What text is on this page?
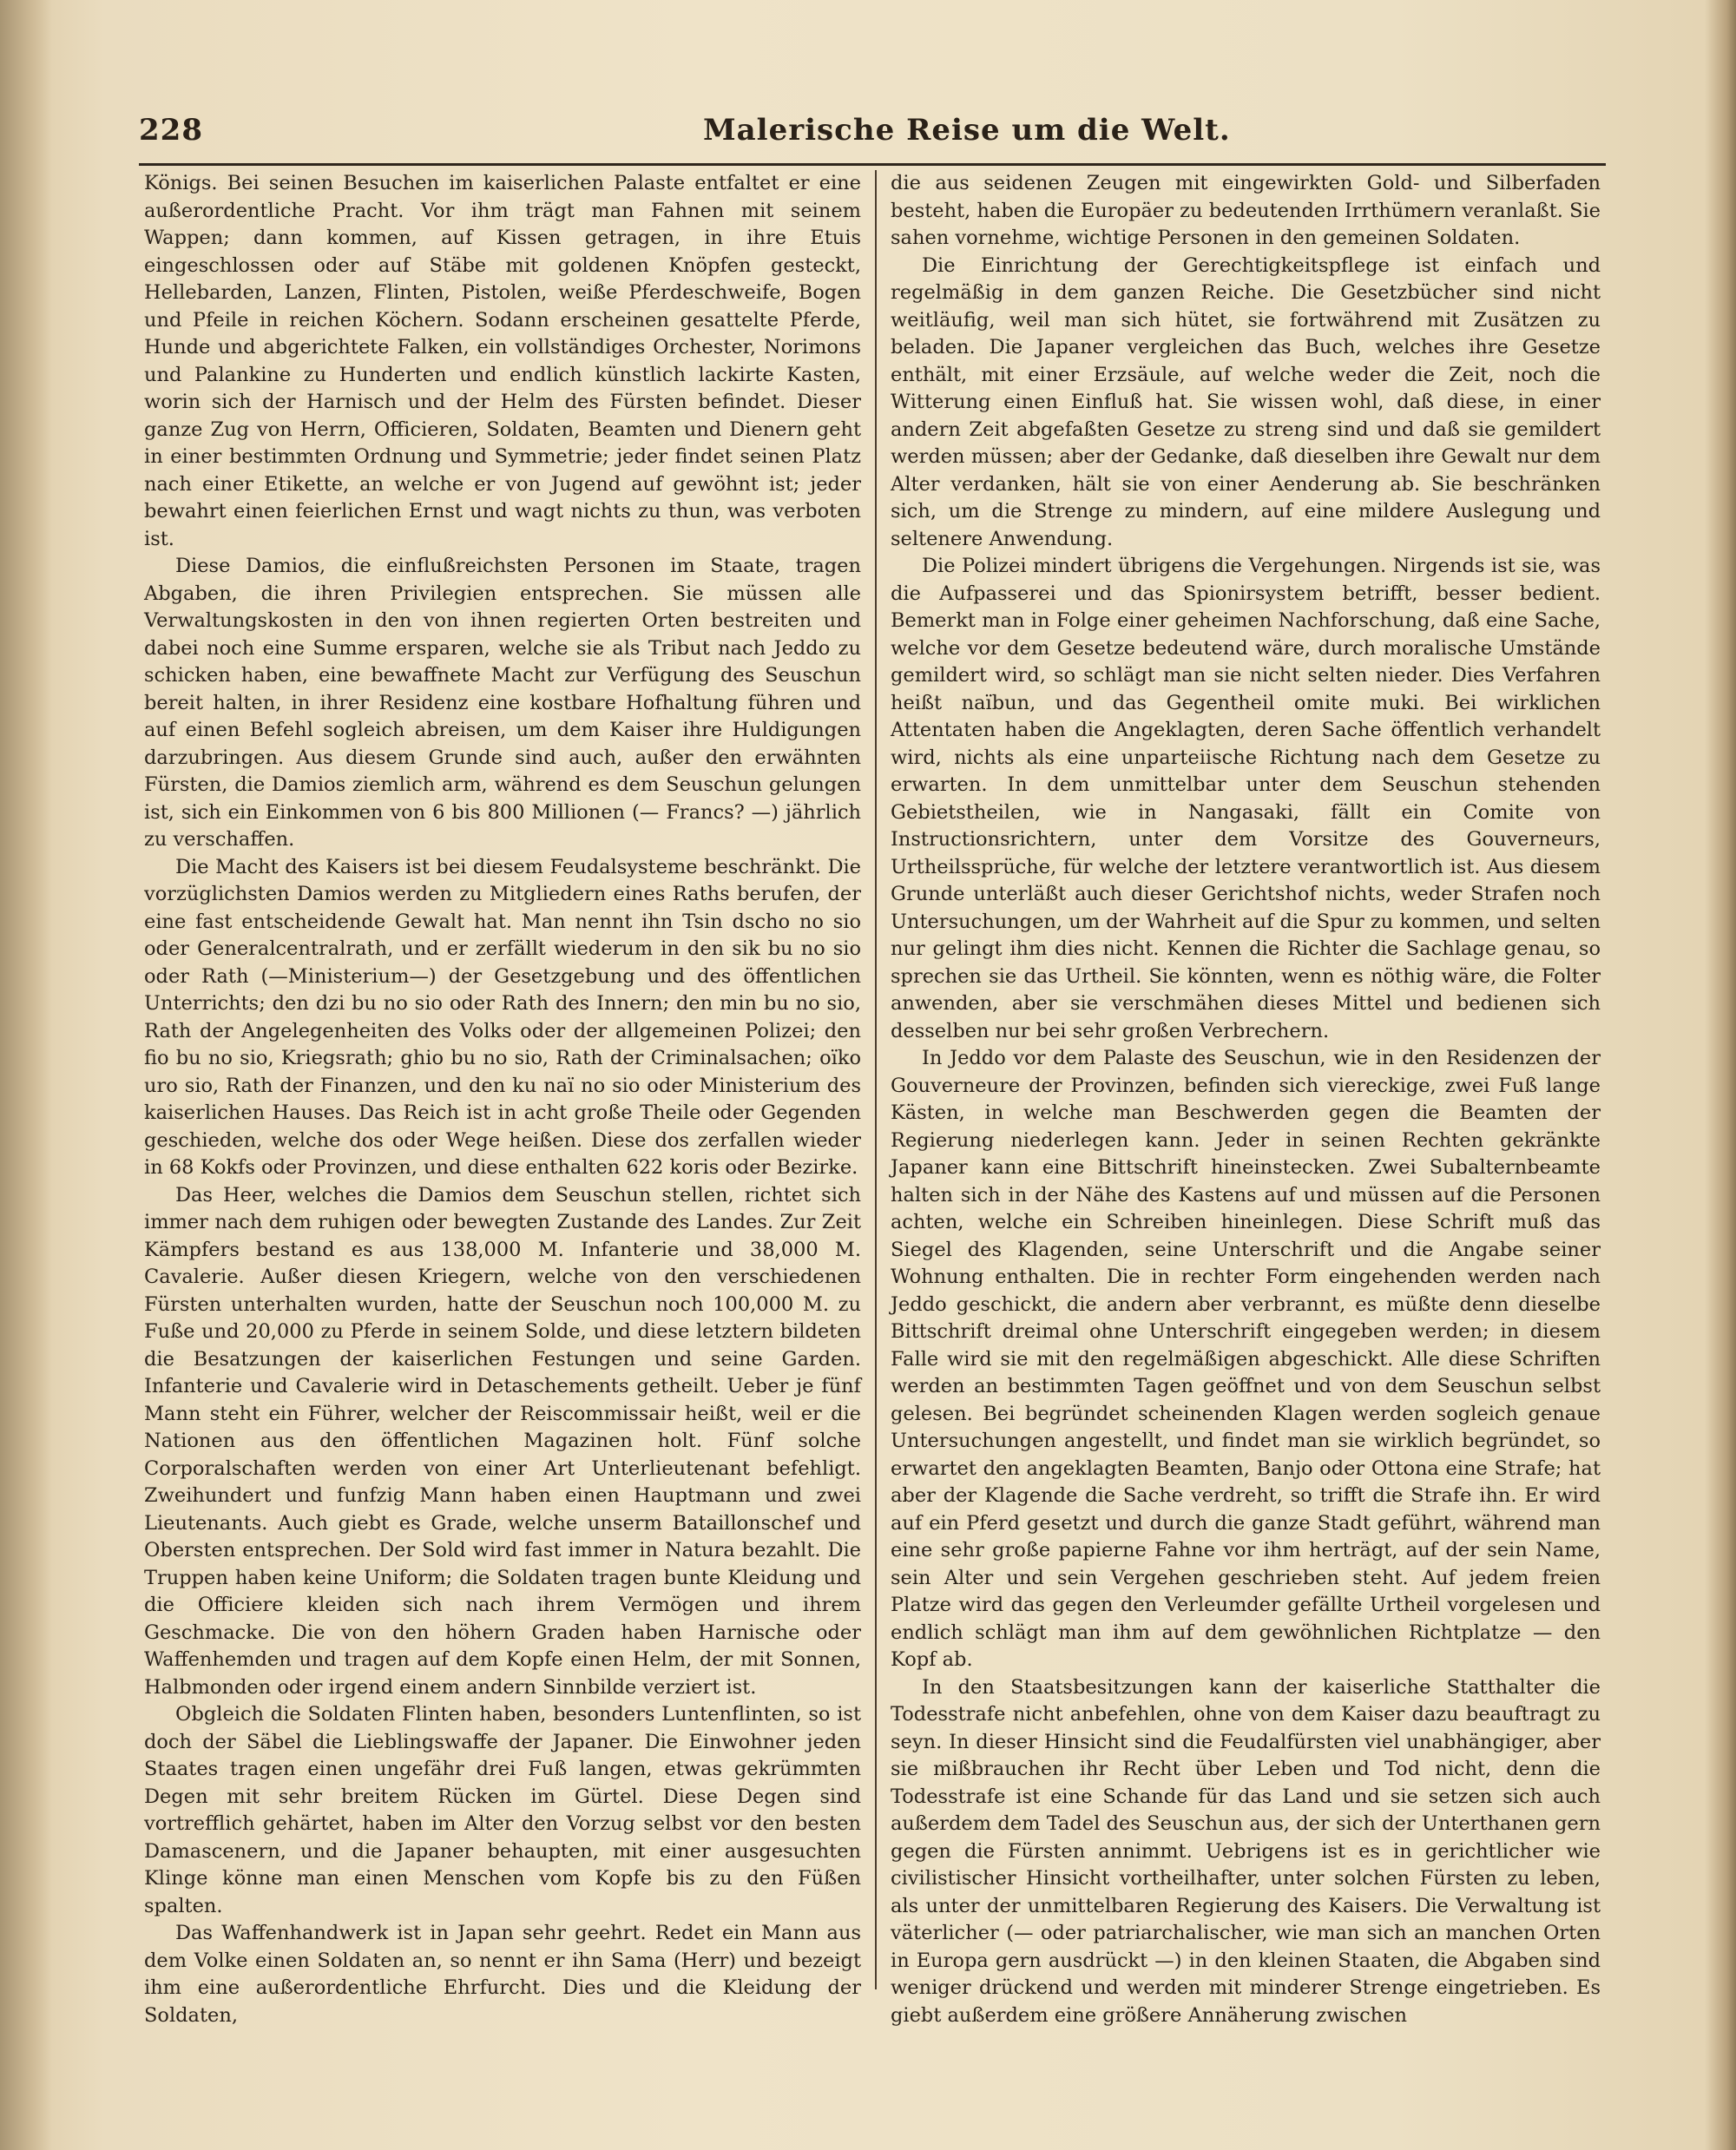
228	Malerische Reise um die Welt.

Königs. Bei seinen Besuchen im kaiserlichen Palaste entfaltet er eine außerordentliche Pracht. Vor ihm trägt man Fahnen mit seinem Wappen; dann kommen, auf Kissen getragen, in ihre Etuis eingeschlossen oder auf Stäbe mit goldenen Knöpfen gesteckt, Hellebarden, Lanzen, Flinten, Pistolen, weiße Pferdeschweife, Bogen und Pfeile in reichen Köchern. Sodann erscheinen gesattelte Pferde, Hunde und abgerichtete Falken, ein vollständiges Orchester, Norimons und Palankine zu Hunderten und endlich künstlich lackirte Kasten, worin sich der Harnisch und der Helm des Fürsten befindet. Dieser ganze Zug von Herrn, Officieren, Soldaten, Beamten und Dienern geht in einer bestimmten Ordnung und Symmetrie; jeder findet seinen Platz nach einer Etikette, an welche er von Jugend auf gewöhnt ist; jeder bewahrt einen feierlichen Ernst und wagt nichts zu thun, was verboten ist.

Diese Damios, die einflußreichsten Personen im Staate, tragen Abgaben, die ihren Privilegien entsprechen. Sie müssen alle Verwaltungskosten in den von ihnen regierten Orten bestreiten und dabei noch eine Summe ersparen, welche sie als Tribut nach Jeddo zu schicken haben, eine bewaffnete Macht zur Verfügung des Seuschun bereit halten, in ihrer Residenz eine kostbare Hofhaltung führen und auf einen Befehl sogleich abreisen, um dem Kaiser ihre Huldigungen darzubringen. Aus diesem Grunde sind auch, außer den erwähnten Fürsten, die Damios ziemlich arm, während es dem Seuschun gelungen ist, sich ein Einkommen von 6 bis 800 Millionen (— Francs? —) jährlich zu verschaffen.

Die Macht des Kaisers ist bei diesem Feudalsysteme beschränkt. Die vorzüglichsten Damios werden zu Mitgliedern eines Raths berufen, der eine fast entscheidende Gewalt hat. Man nennt ihn Tsin dscho no sio oder Generalcentralrath, und er zerfällt wiederum in den sik bu no sio oder Rath (—Ministerium—) der Gesetzgebung und des öffentlichen Unterrichts; den dzi bu no sio oder Rath des Innern; den min bu no sio, Rath der Angelegenheiten des Volks oder der allgemeinen Polizei; den fio bu no sio, Kriegsrath; ghio bu no sio, Rath der Criminalsachen; oïko uro sio, Rath der Finanzen, und den ku naï no sio oder Ministerium des kaiserlichen Hauses. Das Reich ist in acht große Theile oder Gegenden geschieden, welche dos oder Wege heißen. Diese dos zerfallen wieder in 68 Kokfs oder Provinzen, und diese enthalten 622 koris oder Bezirke.

Das Heer, welches die Damios dem Seuschun stellen, richtet sich immer nach dem ruhigen oder bewegten Zustande des Landes. Zur Zeit Kämpfers bestand es aus 138,000 M. Infanterie und 38,000 M. Cavalerie. Außer diesen Kriegern, welche von den verschiedenen Fürsten unterhalten wurden, hatte der Seuschun noch 100,000 M. zu Fuße und 20,000 zu Pferde in seinem Solde, und diese letztern bildeten die Besatzungen der kaiserlichen Festungen und seine Garden. Infanterie und Cavalerie wird in Detaschements getheilt. Ueber je fünf Mann steht ein Führer, welcher der Reiscommissair heißt, weil er die Nationen aus den öffentlichen Magazinen holt. Fünf solche Corporalschaften werden von einer Art Unterlieutenant befehligt. Zweihundert und funfzig Mann haben einen Hauptmann und zwei Lieutenants. Auch giebt es Grade, welche unserm Bataillonschef und Obersten entsprechen. Der Sold wird fast immer in Natura bezahlt. Die Truppen haben keine Uniform; die Soldaten tragen bunte Kleidung und die Officiere kleiden sich nach ihrem Vermögen und ihrem Geschmacke. Die von den höhern Graden haben Harnische oder Waffenhemden und tragen auf dem Kopfe einen Helm, der mit Sonnen, Halbmonden oder irgend einem andern Sinnbilde verziert ist.

Obgleich die Soldaten Flinten haben, besonders Luntenflinten, so ist doch der Säbel die Lieblingswaffe der Japaner. Die Einwohner jeden Staates tragen einen ungefähr drei Fuß langen, etwas gekrümmten Degen mit sehr breitem Rücken im Gürtel. Diese Degen sind vortrefflich gehärtet, haben im Alter den Vorzug selbst vor den besten Damascenern, und die Japaner behaupten, mit einer ausgesuchten Klinge könne man einen Menschen vom Kopfe bis zu den Füßen spalten.

Das Waffenhandwerk ist in Japan sehr geehrt. Redet ein Mann aus dem Volke einen Soldaten an, so nennt er ihn Sama (Herr) und bezeigt ihm eine außerordentliche Ehrfurcht. Dies und die Kleidung der Soldaten,

die aus seidenen Zeugen mit eingewirkten Gold- und Silberfaden besteht, haben die Europäer zu bedeutenden Irrthümern veranlaßt. Sie sahen vornehme, wichtige Personen in den gemeinen Soldaten.

Die Einrichtung der Gerechtigkeitspflege ist einfach und regelmäßig in dem ganzen Reiche. Die Gesetzbücher sind nicht weitläufig, weil man sich hütet, sie fortwährend mit Zusätzen zu beladen. Die Japaner vergleichen das Buch, welches ihre Gesetze enthält, mit einer Erzsäule, auf welche weder die Zeit, noch die Witterung einen Einfluß hat. Sie wissen wohl, daß diese, in einer andern Zeit abgefaßten Gesetze zu streng sind und daß sie gemildert werden müssen; aber der Gedanke, daß dieselben ihre Gewalt nur dem Alter verdanken, hält sie von einer Aenderung ab. Sie beschränken sich, um die Strenge zu mindern, auf eine mildere Auslegung und seltenere Anwendung.

Die Polizei mindert übrigens die Vergehungen. Nirgends ist sie, was die Aufpasserei und das Spionirsystem betrifft, besser bedient. Bemerkt man in Folge einer geheimen Nachforschung, daß eine Sache, welche vor dem Gesetze bedeutend wäre, durch moralische Umstände gemildert wird, so schlägt man sie nicht selten nieder. Dies Verfahren heißt naïbun, und das Gegentheil omite muki. Bei wirklichen Attentaten haben die Angeklagten, deren Sache öffentlich verhandelt wird, nichts als eine unparteiische Richtung nach dem Gesetze zu erwarten. In dem unmittelbar unter dem Seuschun stehenden Gebietstheilen, wie in Nangasaki, fällt ein Comite von Instructionsrichtern, unter dem Vorsitze des Gouverneurs, Urtheilssprüche, für welche der letztere verantwortlich ist. Aus diesem Grunde unterläßt auch dieser Gerichtshof nichts, weder Strafen noch Untersuchungen, um der Wahrheit auf die Spur zu kommen, und selten nur gelingt ihm dies nicht. Kennen die Richter die Sachlage genau, so sprechen sie das Urtheil. Sie könnten, wenn es nöthig wäre, die Folter anwenden, aber sie verschmähen dieses Mittel und bedienen sich desselben nur bei sehr großen Verbrechern.

In Jeddo vor dem Palaste des Seuschun, wie in den Residenzen der Gouverneure der Provinzen, befinden sich viereckige, zwei Fuß lange Kästen, in welche man Beschwerden gegen die Beamten der Regierung niederlegen kann. Jeder in seinen Rechten gekränkte Japaner kann eine Bittschrift hineinstecken. Zwei Subalternbeamte halten sich in der Nähe des Kastens auf und müssen auf die Personen achten, welche ein Schreiben hineinlegen. Diese Schrift muß das Siegel des Klagenden, seine Unterschrift und die Angabe seiner Wohnung enthalten. Die in rechter Form eingehenden werden nach Jeddo geschickt, die andern aber verbrannt, es müßte denn dieselbe Bittschrift dreimal ohne Unterschrift eingegeben werden; in diesem Falle wird sie mit den regelmäßigen abgeschickt. Alle diese Schriften werden an bestimmten Tagen geöffnet und von dem Seuschun selbst gelesen. Bei begründet scheinenden Klagen werden sogleich genaue Untersuchungen angestellt, und findet man sie wirklich begründet, so erwartet den angeklagten Beamten, Banjo oder Ottona eine Strafe; hat aber der Klagende die Sache verdreht, so trifft die Strafe ihn. Er wird auf ein Pferd gesetzt und durch die ganze Stadt geführt, während man eine sehr große papierne Fahne vor ihm herträgt, auf der sein Name, sein Alter und sein Vergehen geschrieben steht. Auf jedem freien Platze wird das gegen den Verleumder gefällte Urtheil vorgelesen und endlich schlägt man ihm auf dem gewöhnlichen Richtplatze — den Kopf ab.

In den Staatsbesitzungen kann der kaiserliche Statthalter die Todesstrafe nicht anbefehlen, ohne von dem Kaiser dazu beauftragt zu seyn. In dieser Hinsicht sind die Feudalfürsten viel unabhängiger, aber sie mißbrauchen ihr Recht über Leben und Tod nicht, denn die Todesstrafe ist eine Schande für das Land und sie setzen sich auch außerdem dem Tadel des Seuschun aus, der sich der Unterthanen gern gegen die Fürsten annimmt. Uebrigens ist es in gerichtlicher wie civilistischer Hinsicht vortheilhafter, unter solchen Fürsten zu leben, als unter der unmittelbaren Regierung des Kaisers. Die Verwaltung ist väterlicher (— oder patriarchalischer, wie man sich an manchen Orten in Europa gern ausdrückt —) in den kleinen Staaten, die Abgaben sind weniger drückend und werden mit minderer Strenge eingetrieben. Es giebt außerdem eine größere Annäherung zwischen
